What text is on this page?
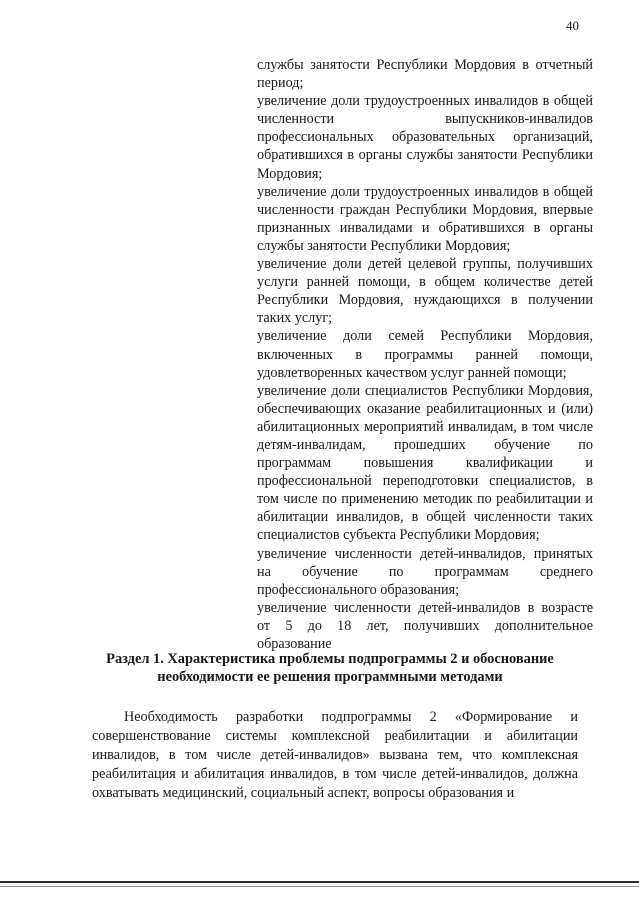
40

службы занятости Республики Мордовия в отчетный период;

увеличение доли трудоустроенных инвалидов в общей численности выпускников-инвалидов профессиональных образовательных организаций, обратившихся в органы службы занятости Республики Мордовия;

увеличение доли трудоустроенных инвалидов в общей численности граждан Республики Мордовия, впервые признанных инвалидами и обратившихся в органы службы занятости Республики Мордовия;

увеличение доли детей целевой группы, получивших услуги ранней помощи, в общем количестве детей Республики Мордовия, нуждающихся в получении таких услуг;

увеличение доли семей Республики Мордовия, включенных в программы ранней помощи, удовлетворенных качеством услуг ранней помощи;

увеличение доли специалистов Республики Мордовия, обеспечивающих оказание реабилитационных и (или) абилитационных мероприятий инвалидам, в том числе детям-инвалидам, прошедших обучение по программам повышения квалификации и профессиональной переподготовки специалистов, в том числе по применению методик по реабилитации и абилитации инвалидов, в общей численности таких специалистов субъекта Республики Мордовия;

увеличение численности детей-инвалидов, принятых на обучение по программам среднего профессионального образования;

увеличение численности детей-инвалидов в возрасте от 5 до 18 лет, получивших дополнительное образование

Раздел 1. Характеристика проблемы подпрограммы 2 и обоснование
необходимости ее решения программными методами

Необходимость разработки подпрограммы 2 «Формирование и совершенствование системы комплексной реабилитации и абилитации инвалидов, в том числе детей-инвалидов» вызвана тем, что комплексная реабилитация и абилитация инвалидов, в том числе детей-инвалидов, должна охватывать медицинский, социальный аспект, вопросы образования и
